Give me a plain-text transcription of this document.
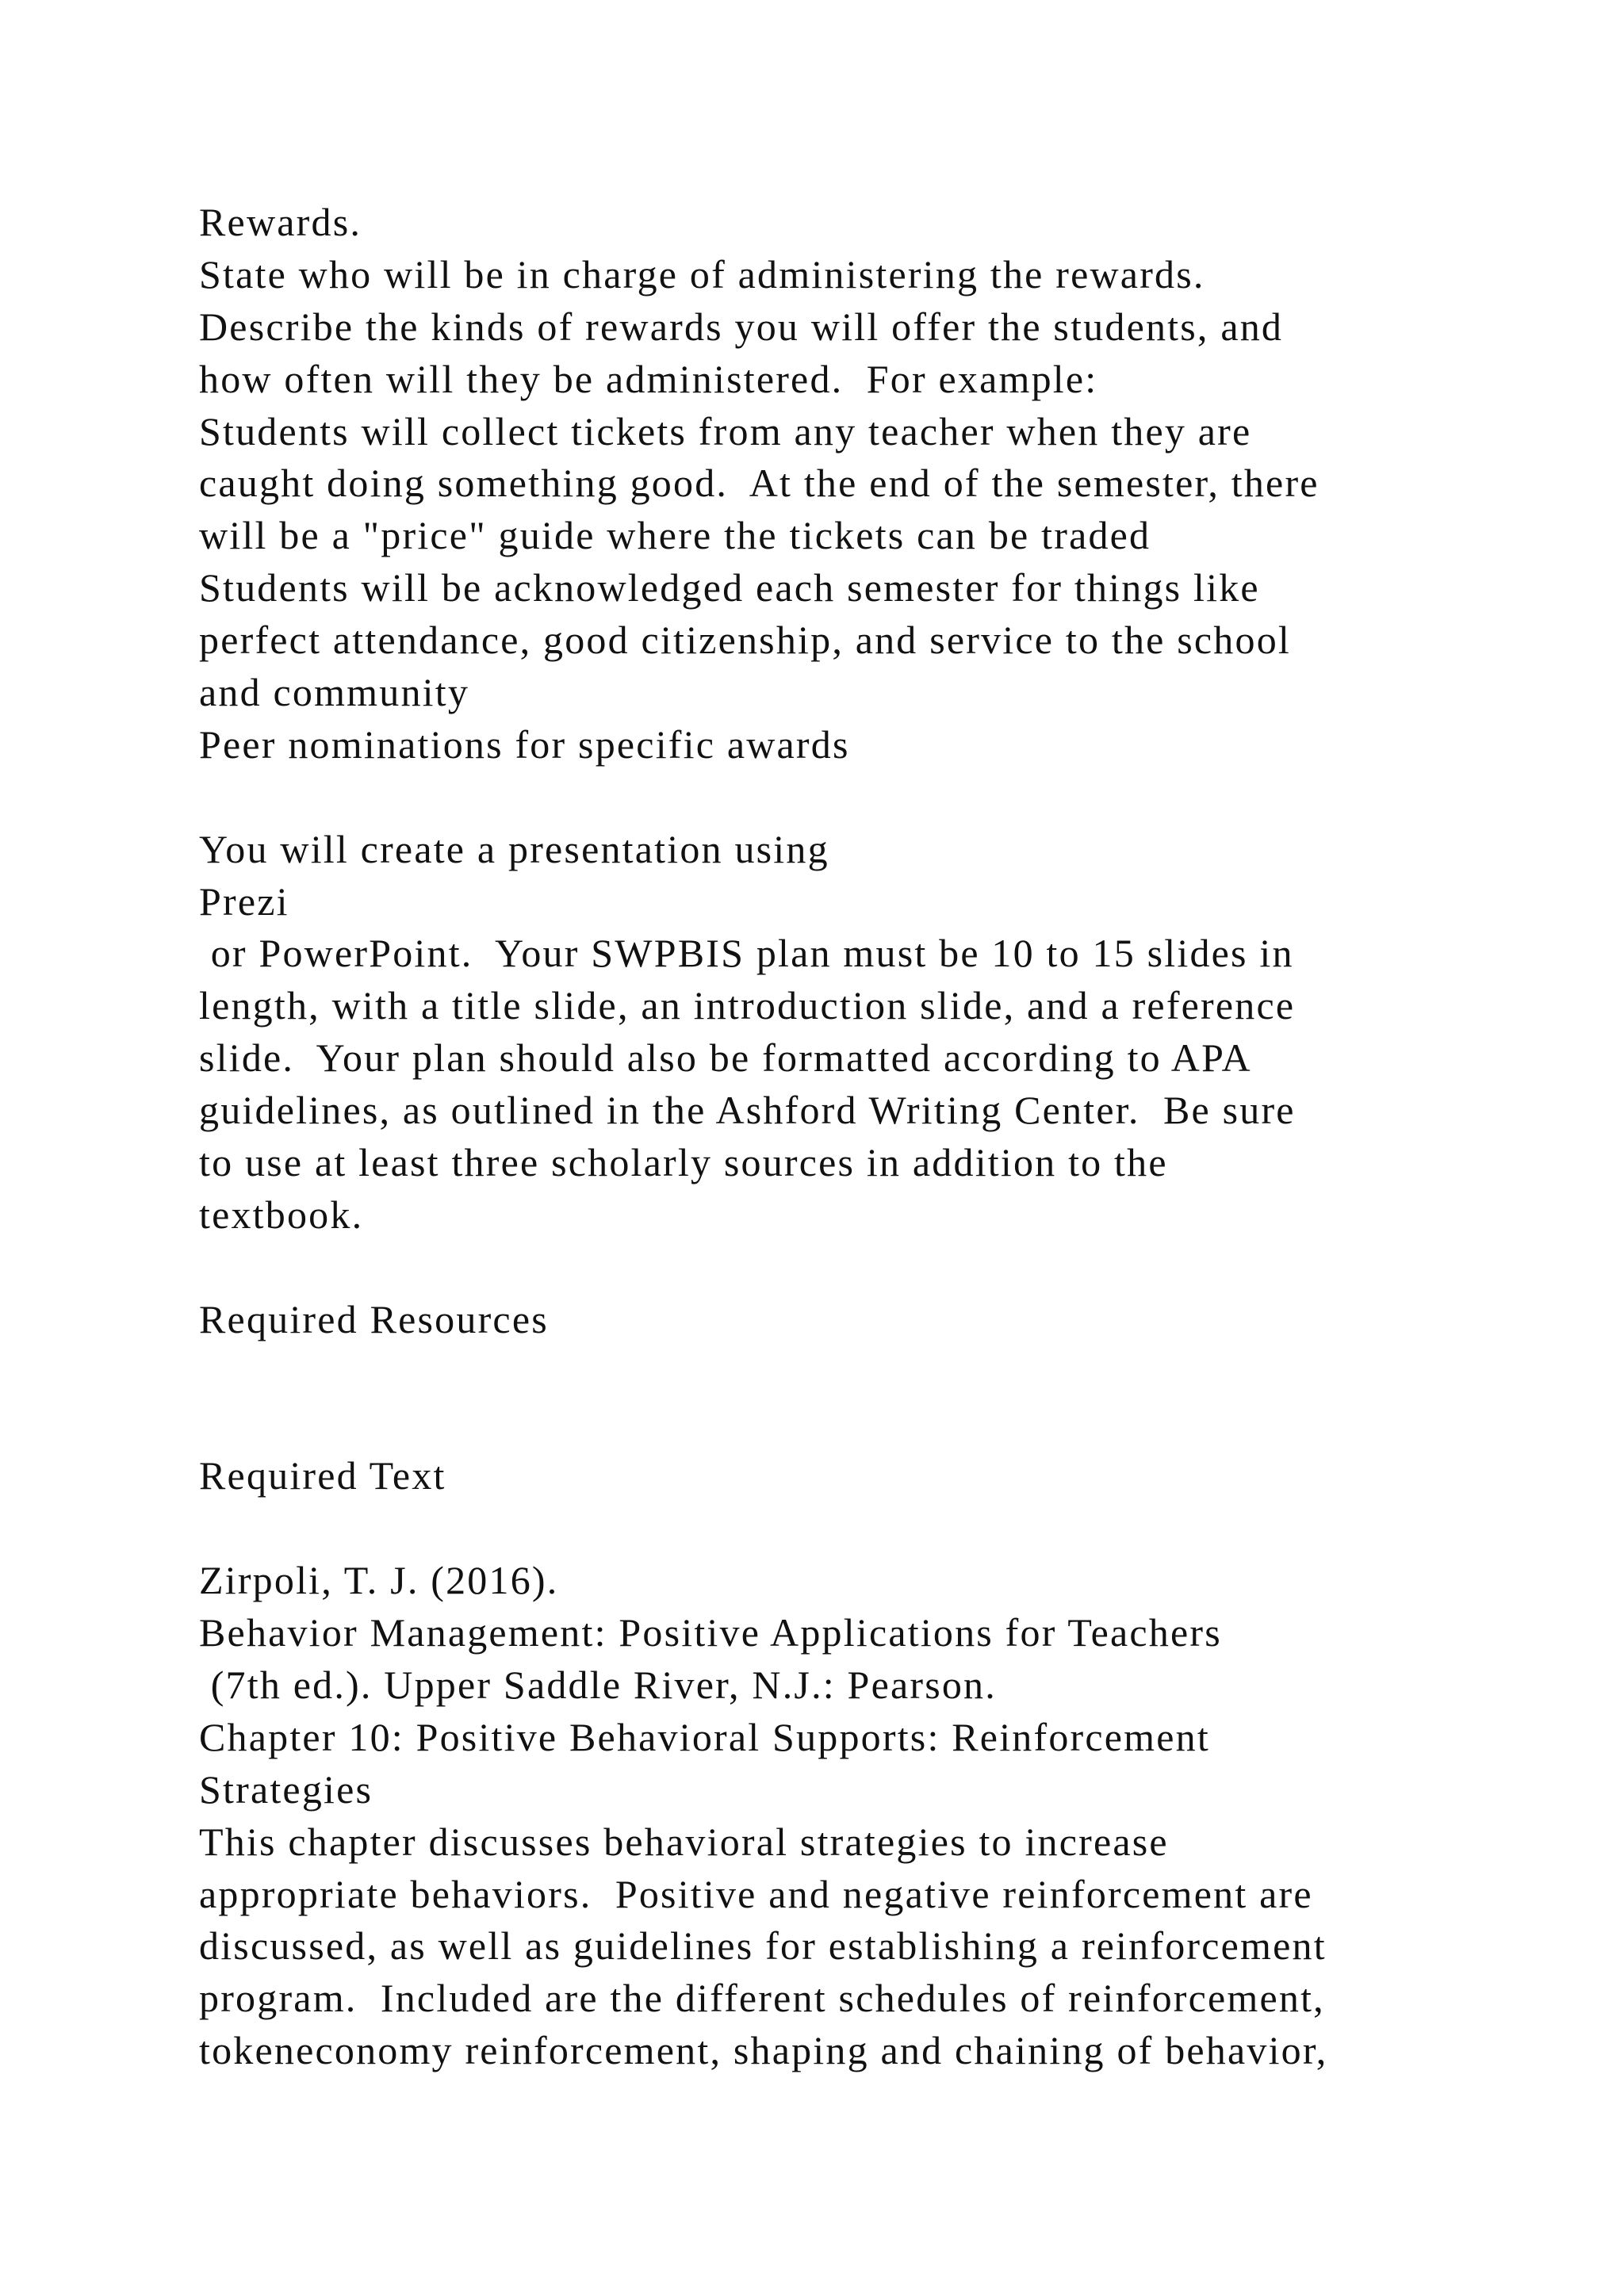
Rewards.
State who will be in charge of administering the rewards.
Describe the kinds of rewards you will offer the students, and
how often will they be administered.  For example:
Students will collect tickets from any teacher when they are
caught doing something good.  At the end of the semester, there
will be a "price" guide where the tickets can be traded
Students will be acknowledged each semester for things like
perfect attendance, good citizenship, and service to the school
and community
Peer nominations for specific awards
You will create a presentation using
Prezi
or PowerPoint.  Your SWPBIS plan must be 10 to 15 slides in
length, with a title slide, an introduction slide, and a reference
slide.  Your plan should also be formatted according to APA
guidelines, as outlined in the Ashford Writing Center.  Be sure
to use at least three scholarly sources in addition to the
textbook.
Required Resources
Required Text
Zirpoli, T. J. (2016).
Behavior Management: Positive Applications for Teachers
(7th ed.). Upper Saddle River, N.J.: Pearson.
Chapter 10: Positive Behavioral Supports: Reinforcement
Strategies
This chapter discusses behavioral strategies to increase
appropriate behaviors.  Positive and negative reinforcement are
discussed, as well as guidelines for establishing a reinforcement
program.  Included are the different schedules of reinforcement,
tokeneconomy reinforcement, shaping and chaining of behavior,
